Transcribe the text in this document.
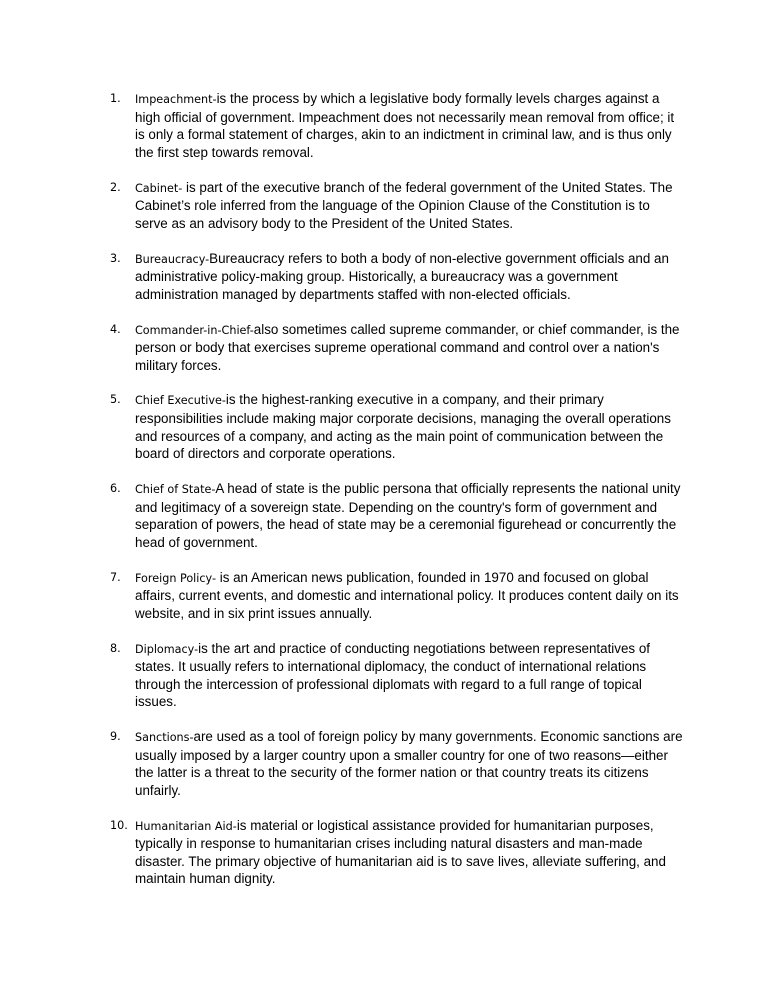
1.	Impeachment-is the process by which a legislative body formally levels charges against a high official of government. Impeachment does not necessarily mean removal from office; it is only a formal statement of charges, akin to an indictment in criminal law, and is thus only the first step towards removal.
2.	Cabinet- is part of the executive branch of the federal government of the United States. The Cabinet’s role inferred from the language of the Opinion Clause of the Constitution is to serve as an advisory body to the President of the United States.
3.	Bureaucracy-Bureaucracy refers to both a body of non-elective government officials and an administrative policy-making group. Historically, a bureaucracy was a government administration managed by departments staffed with non-elected officials.
4.	Commander-in-Chief-also sometimes called supreme commander, or chief commander, is the person or body that exercises supreme operational command and control over a nation's military forces.
5.	Chief Executive-is the highest-ranking executive in a company, and their primary responsibilities include making major corporate decisions, managing the overall operations and resources of a company, and acting as the main point of communication between the board of directors and corporate operations.
6.	Chief of State-A head of state is the public persona that officially represents the national unity and legitimacy of a sovereign state. Depending on the country's form of government and separation of powers, the head of state may be a ceremonial figurehead or concurrently the head of government.
7.	Foreign Policy- is an American news publication, founded in 1970 and focused on global affairs, current events, and domestic and international policy. It produces content daily on its website, and in six print issues annually.
8.	Diplomacy-is the art and practice of conducting negotiations between representatives of states. It usually refers to international diplomacy, the conduct of international relations through the intercession of professional diplomats with regard to a full range of topical issues.
9.	Sanctions-are used as a tool of foreign policy by many governments. Economic sanctions are usually imposed by a larger country upon a smaller country for one of two reasons—either the latter is a threat to the security of the former nation or that country treats its citizens unfairly.
10. Humanitarian Aid-is material or logistical assistance provided for humanitarian purposes, typically in response to humanitarian crises including natural disasters and man-made disaster. The primary objective of humanitarian aid is to save lives, alleviate suffering, and maintain human dignity.
